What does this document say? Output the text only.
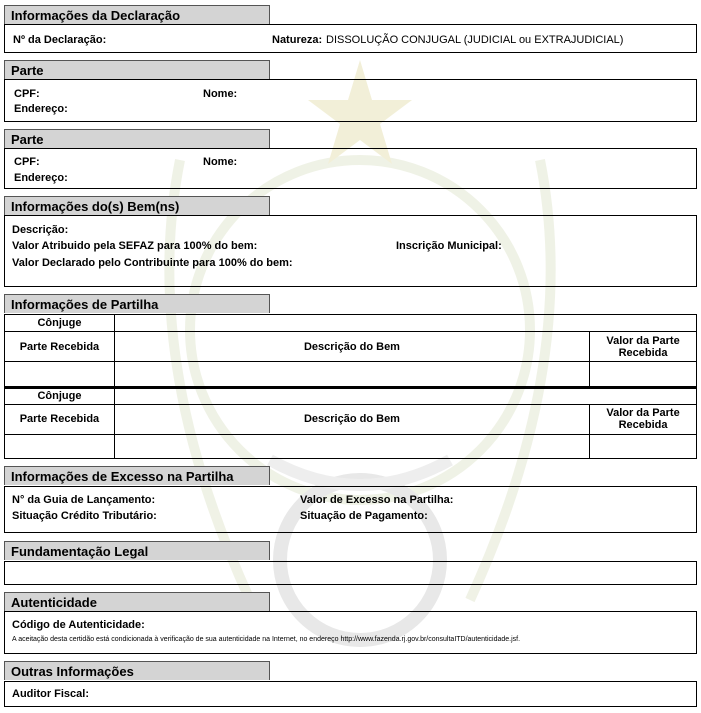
Informações da Declaração
Nº da Declaração:	Natureza: DISSOLUÇÃO CONJUGAL (JUDICIAL ou EXTRAJUDICIAL)
Parte
CPF:	Nome:
Endereço:
Parte
CPF:	Nome:
Endereço:
Informações do(s) Bem(ns)
Descrição:
Valor Atribuido pela SEFAZ para 100% do bem:	Inscrição Municipal:
Valor Declarado pelo Contribuinte para 100% do bem:
Informações de Partilha
Cônjuge		
Parte Recebida	Descrição do Bem	Valor da Parte Recebida

Cônjuge		
Parte Recebida	Descrição do Bem	Valor da Parte Recebida

Informações de Excesso na Partilha
N° da Guia de Lançamento:	Valor de Excesso na Partilha:
Situação Crédito Tributário:	Situação de Pagamento:
Fundamentação Legal
Autenticidade
Código de Autenticidade:
A aceitação desta certidão está condicionada à verificação de sua autenticidade na Internet, no endereço http://www.fazenda.rj.gov.br/consultaITD/autenticidade.jsf.
Outras Informações
Auditor Fiscal:
